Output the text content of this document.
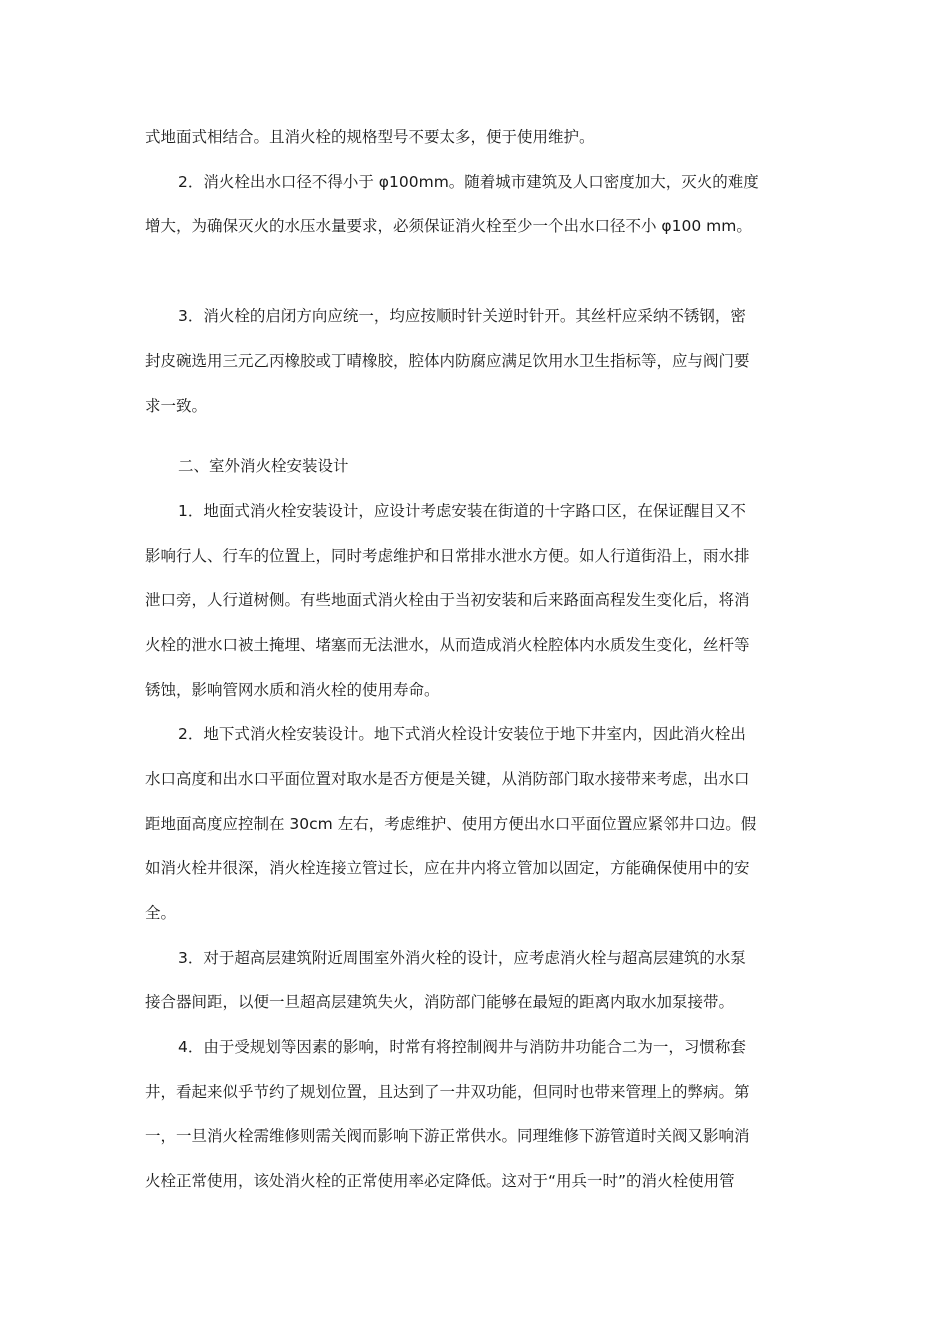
式地面式相结合。且消火栓的规格型号不要太多，便于使用维护。
2．消火栓出水口径不得小于 φ100mm。随着城市建筑及人口密度加大，灭火的难度
增大，为确保灭火的水压水量要求，必须保证消火栓至少一个出水口径不小 φ100 mm。
3．消火栓的启闭方向应统一，均应按顺时针关逆时针开。其丝杆应采纳不锈钢，密
封皮碗选用三元乙丙橡胶或丁晴橡胶，腔体内防腐应满足饮用水卫生指标等，应与阀门要
求一致。
二、室外消火栓安装设计
1．地面式消火栓安装设计，应设计考虑安装在街道的十字路口区，在保证醒目又不
影响行人、行车的位置上，同时考虑维护和日常排水泄水方便。如人行道街沿上，雨水排
泄口旁，人行道树侧。有些地面式消火栓由于当初安装和后来路面高程发生变化后，将消
火栓的泄水口被土掩埋、堵塞而无法泄水，从而造成消火栓腔体内水质发生变化，丝杆等
锈蚀，影响管网水质和消火栓的使用寿命。
2．地下式消火栓安装设计。地下式消火栓设计安装位于地下井室内，因此消火栓出
水口高度和出水口平面位置对取水是否方便是关键，从消防部门取水接带来考虑，出水口
距地面高度应控制在 30cm 左右，考虑维护、使用方便出水口平面位置应紧邻井口边。假
如消火栓井很深，消火栓连接立管过长，应在井内将立管加以固定，方能确保使用中的安
全。
3．对于超高层建筑附近周围室外消火栓的设计，应考虑消火栓与超高层建筑的水泵
接合器间距，以便一旦超高层建筑失火，消防部门能够在最短的距离内取水加泵接带。
4．由于受规划等因素的影响，时常有将控制阀井与消防井功能合二为一，习惯称套
井，看起来似乎节约了规划位置，且达到了一井双功能，但同时也带来管理上的弊病。第
一，一旦消火栓需维修则需关阀而影响下游正常供水。同理维修下游管道时关阀又影响消
火栓正常使用，该处消火栓的正常使用率必定降低。这对于“用兵一时”的消火栓使用管
